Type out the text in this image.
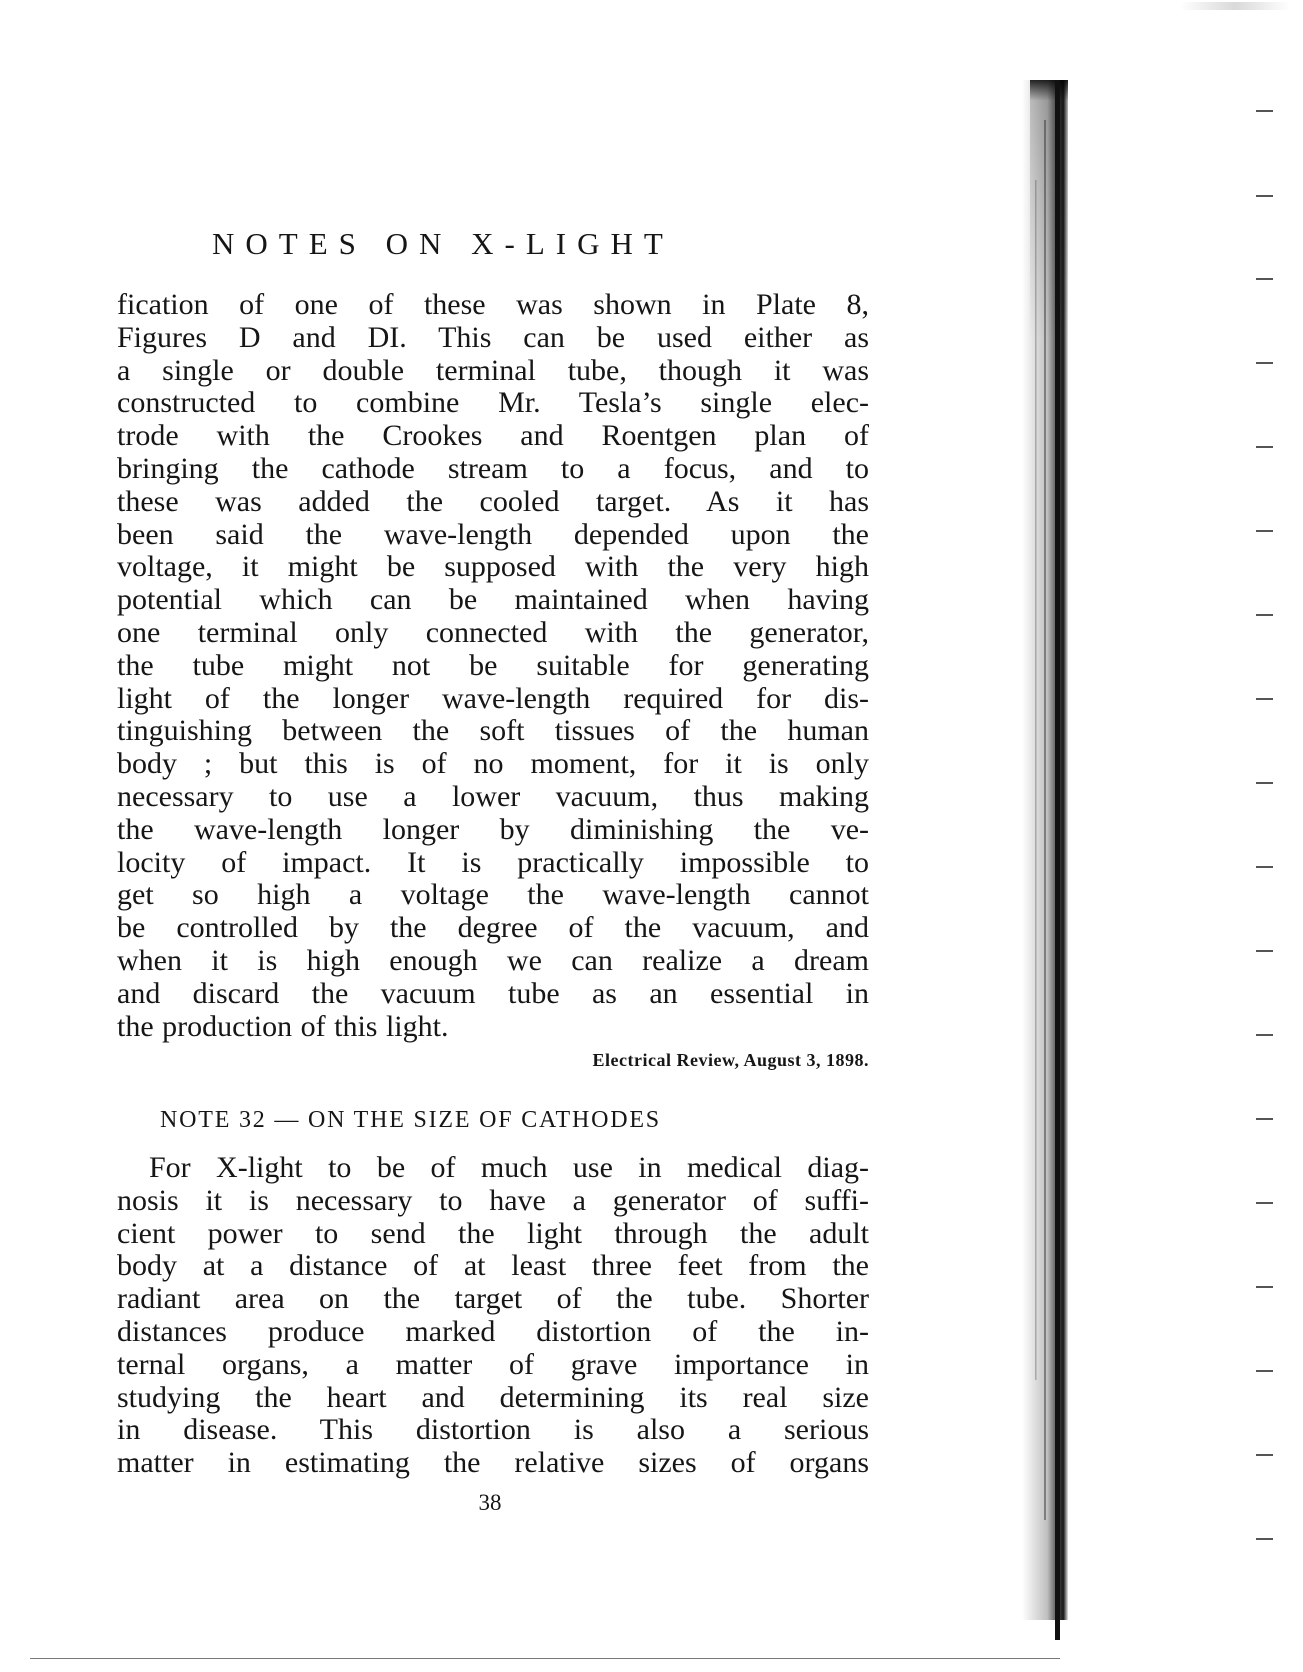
NOTES ON X-LIGHT
fication of one of these was shown in Plate 8,
Figures D and DI. This can be used either as
a single or double terminal tube, though it was
constructed to combine Mr. Tesla’s single elec-
trode with the Crookes and Roentgen plan of
bringing the cathode stream to a focus, and to
these was added the cooled target. As it has
been said the wave-length depended upon the
voltage, it might be supposed with the very high
potential which can be maintained when having
one terminal only connected with the generator,
the tube might not be suitable for generating
light of the longer wave-length required for dis-
tinguishing between the soft tissues of the human
body ; but this is of no moment, for it is only
necessary to use a lower vacuum, thus making
the wave-length longer by diminishing the ve-
locity of impact. It is practically impossible to
get so high a voltage the wave-length cannot
be controlled by the degree of the vacuum, and
when it is high enough we can realize a dream
and discard the vacuum tube as an essential in
the production of this light.
Electrical Review, August 3, 1898.
NOTE 32 — ON THE SIZE OF CATHODES
For X-light to be of much use in medical diag-
nosis it is necessary to have a generator of suffi-
cient power to send the light through the adult
body at a distance of at least three feet from the
radiant area on the target of the tube. Shorter
distances produce marked distortion of the in-
ternal organs, a matter of grave importance in
studying the heart and determining its real size
in disease. This distortion is also a serious
matter in estimating the relative sizes of organs
38
